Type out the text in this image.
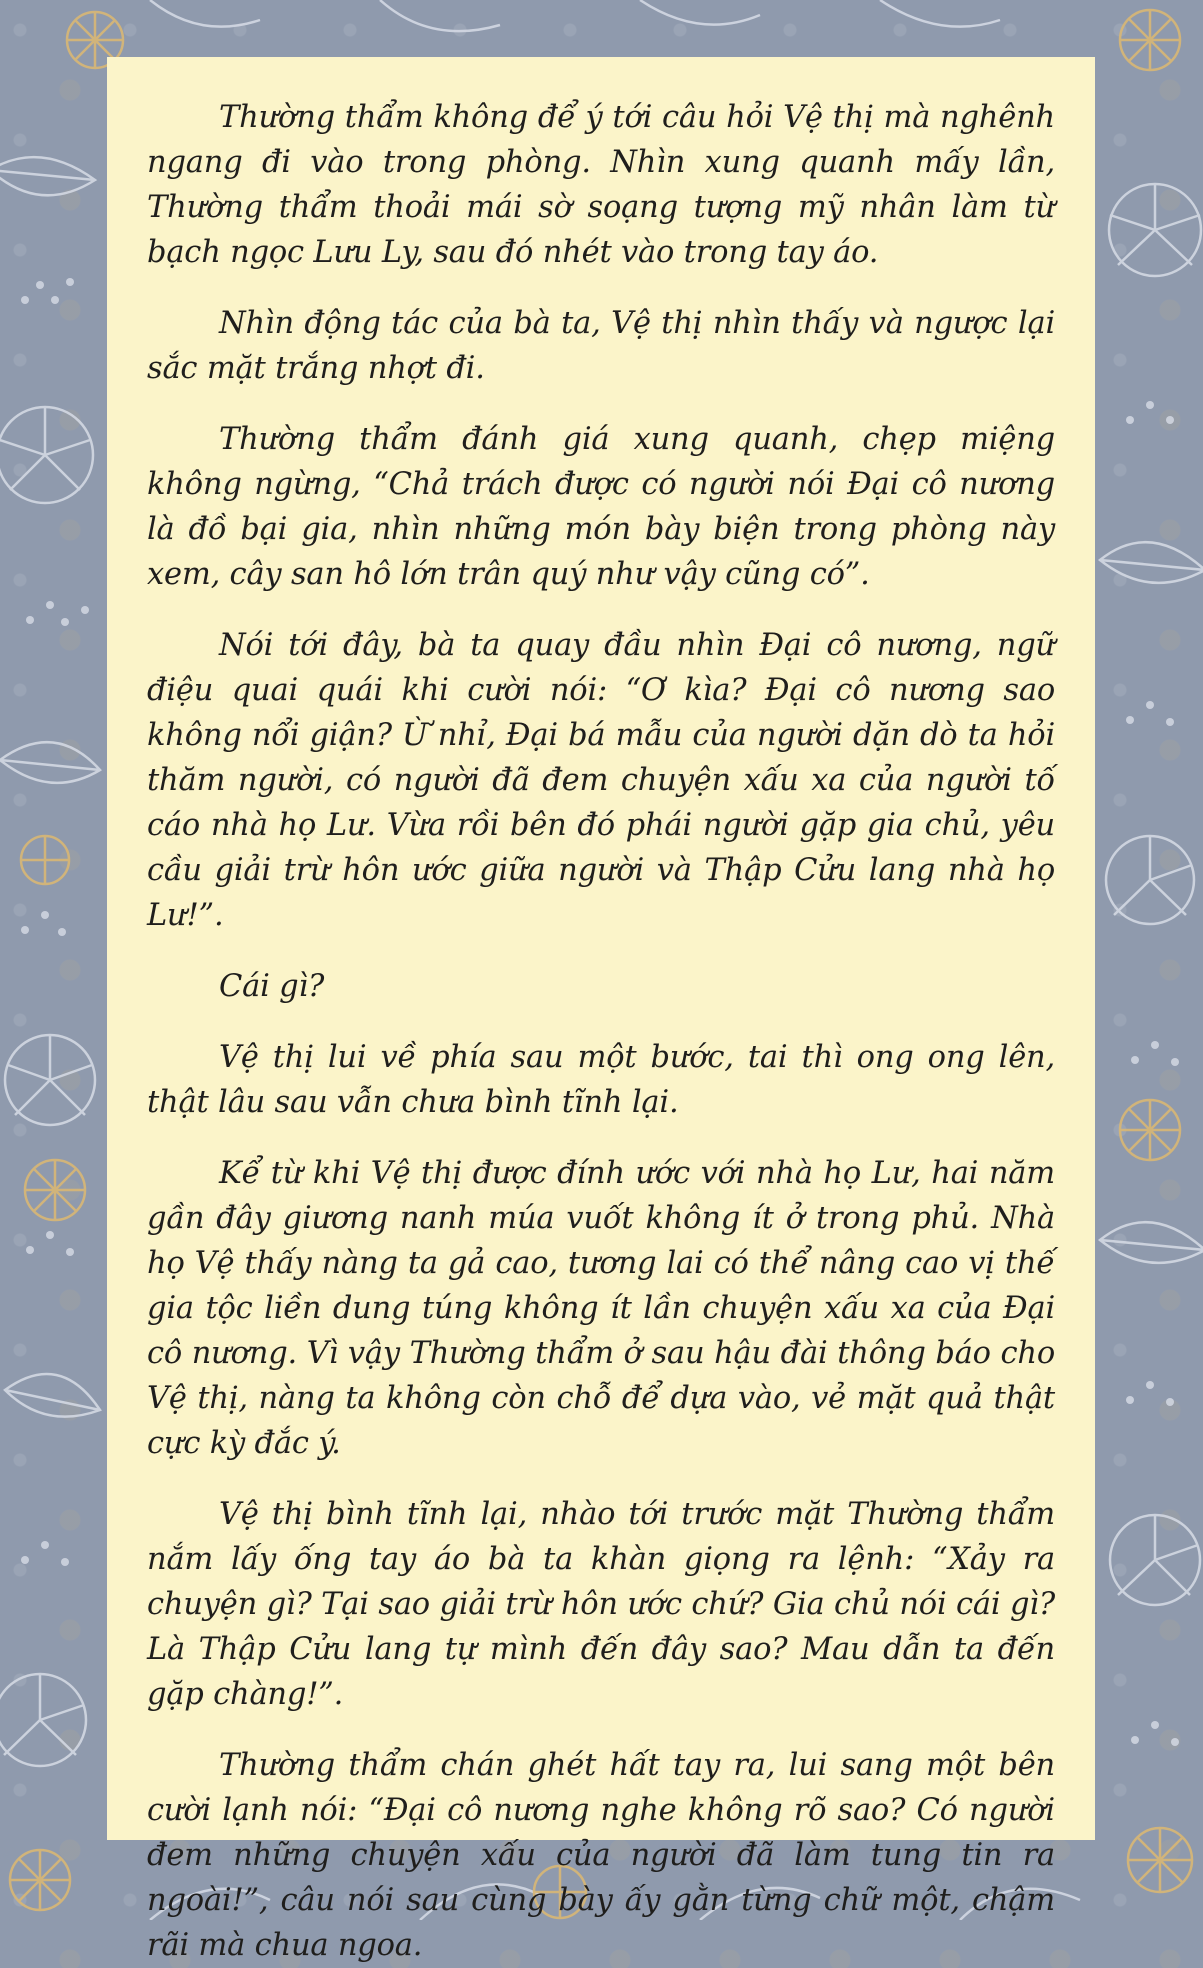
Thường thẩm không để ý tới câu hỏi Vệ thị mà nghênh ngang đi vào trong phòng. Nhìn xung quanh mấy lần, Thường thẩm thoải mái sờ soạng tượng mỹ nhân làm từ bạch ngọc Lưu Ly, sau đó nhét vào trong tay áo.

Nhìn động tác của bà ta, Vệ thị nhìn thấy và ngược lại sắc mặt trắng nhợt đi.

Thường thẩm đánh giá xung quanh, chẹp miệng không ngừng, “Chả trách được có người nói Đại cô nương là đồ bại gia, nhìn những món bày biện trong phòng này xem, cây san hô lớn trân quý như vậy cũng có”.

Nói tới đây, bà ta quay đầu nhìn Đại cô nương, ngữ điệu quai quái khi cười nói: “Ơ kìa? Đại cô nương sao không nổi giận? Ừ nhỉ, Đại bá mẫu của người dặn dò ta hỏi thăm người, có người đã đem chuyện xấu xa của người tố cáo nhà họ Lư. Vừa rồi bên đó phái người gặp gia chủ, yêu cầu giải trừ hôn ước giữa người và Thập Cửu lang nhà họ Lư!”.

Cái gì?

Vệ thị lui về phía sau một bước, tai thì ong ong lên, thật lâu sau vẫn chưa bình tĩnh lại.

Kể từ khi Vệ thị được đính ước với nhà họ Lư, hai năm gần đây giương nanh múa vuốt không ít ở trong phủ. Nhà họ Vệ thấy nàng ta gả cao, tương lai có thể nâng cao vị thế gia tộc liền dung túng không ít lần chuyện xấu xa của Đại cô nương. Vì vậy Thường thẩm ở sau hậu đài thông báo cho Vệ thị, nàng ta không còn chỗ để dựa vào, vẻ mặt quả thật cực kỳ đắc ý.

Vệ thị bình tĩnh lại, nhào tới trước mặt Thường thẩm nắm lấy ống tay áo bà ta khàn giọng ra lệnh: “Xảy ra chuyện gì? Tại sao giải trừ hôn ước chứ? Gia chủ nói cái gì? Là Thập Cửu lang tự mình đến đây sao? Mau dẫn ta đến gặp chàng!”.

Thường thẩm chán ghét hất tay ra, lui sang một bên cười lạnh nói: “Đại cô nương nghe không rõ sao? Có người đem những chuyện xấu của người đã làm tung tin ra ngoài!”, câu nói sau cùng bày ấy gằn từng chữ một, chậm rãi mà chua ngoa.
